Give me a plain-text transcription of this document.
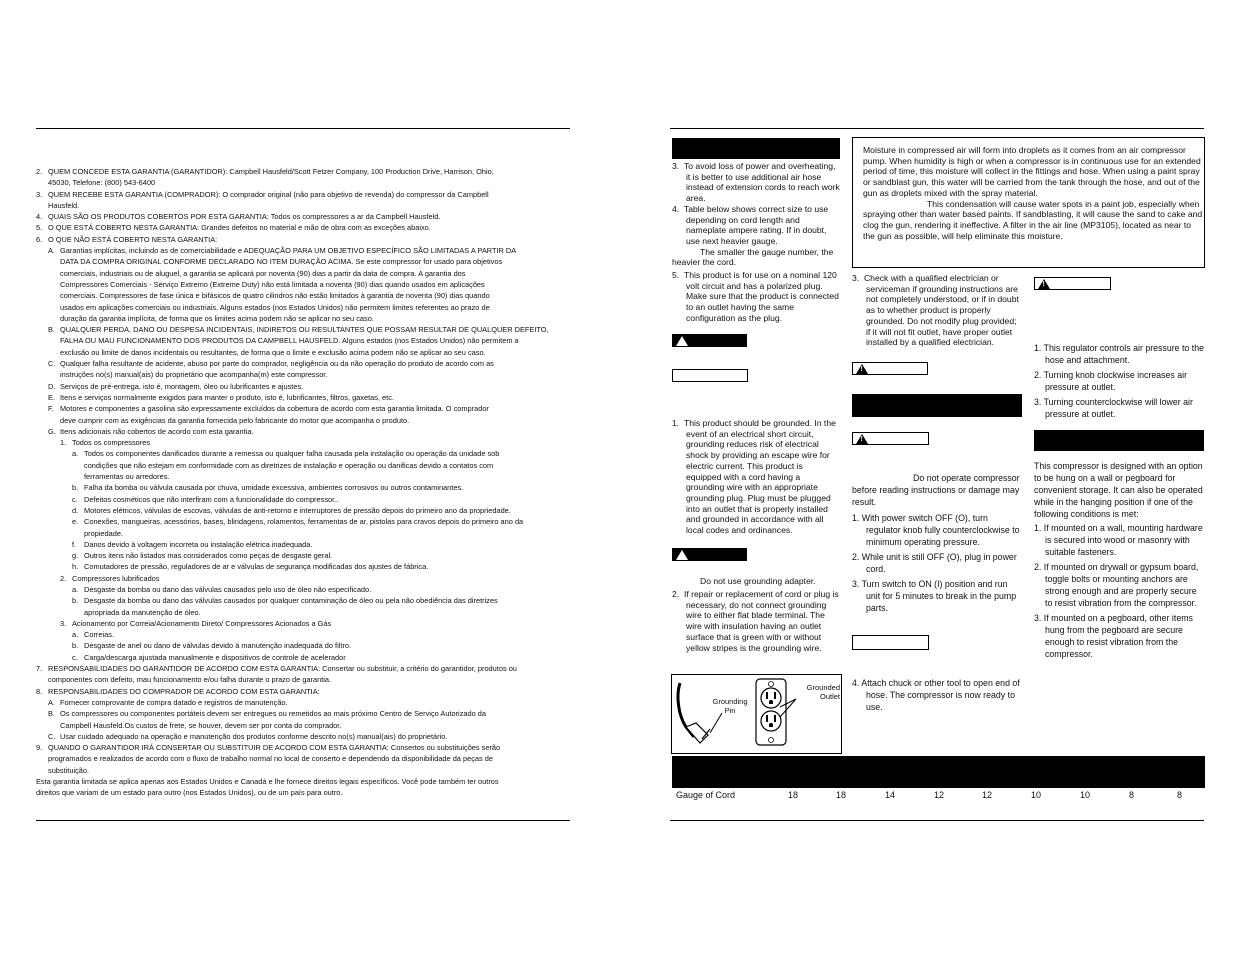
2. QUEM CONCEDE ESTA GARANTIA (GARANTIDOR): Campbell Hausfeld/Scott Fetzer Company, 100 Production Drive, Harrison, Ohio,

45030, Telefone: (800) 543-6400

3. QUEM RECEBE ESTA GARANTIA (COMPRADOR): O comprador original (não para objetivo de revenda) do compressor da Campbell

Hausfeld.

4. QUAIS SÃO OS PRODUTOS COBERTOS POR ESTA GARANTIA: Todos os compressores a ar da Campbell Hausfeld.

5. O QUE ESTÁ COBERTO NESTA GARANTIA: Grandes defeitos no material e mão de obra com as exceções abaixo.

6. O QUE NÃO ESTÁ COBERTO NESTA GARANTIA:

A. Garantias implícitas, incluindo as de comerciabilidade e ADEQUAÇÃO PARA UM OBJETIVO ESPECÍFICO SÃO LIMITADAS A PARTIR DA

DATA DA COMPRA ORIGINAL CONFORME DECLARADO NO ITEM DURAÇÃO ACIMA. Se este compressor for usado para objetivos

comerciais, industriais ou de aluguel, a garantia se aplicará por noventa (90) dias a partir da data de compra. A garantia dos

Compressores Comerciais - Serviço Extremo (Extreme Duty) não está limitada a noventa (90) dias quando usados em aplicações

comerciais. Compressores de fase única e bifásicos de quatro cilindros não estão limitados à garantia de noventa (90) dias quando

usados em aplicações comerciais ou industriais. Alguns estados (nos Estados Unidos) não permitem limites referentes ao prazo de

duração da garantia implícita, de forma que os limites acima podem não se aplicar no seu caso.

B. QUALQUER PERDA, DANO OU DESPESA INCIDENTAIS, INDIRETOS OU RESULTANTES QUE POSSAM RESULTAR DE QUALQUER DEFEITO,

FALHA OU MAU FUNCIONAMENTO DOS PRODUTOS DA CAMPBELL HAUSFELD. Alguns estados (nos Estados Unidos) não permitem a

exclusão ou limite de danos incidentais ou resultantes, de forma que o limite e exclusão acima podem não se aplicar ao seu caso.

C. Qualquer falha resultante de acidente, abuso por parte do comprador, negligência ou da não operação do produto de acordo com as

instruções no(s) manual(ais) do proprietário que acompanha(m) este compressor.

D. Serviços de pré-entrega, isto é, montagem, óleo ou lubrificantes e ajustes.

E. Itens e serviços normalmente exigidos para manter o produto, isto é, lubrificantes, filtros, gaxetas, etc.

F. Motores e componentes a gasolina são expressamente excluídos da cobertura de acordo com esta garantia limitada. O comprador

deve cumprir com as exigências da garantia fornecida pelo fabricante do motor que acompanha o produto.

G. Itens adicionais não cobertos de acordo com esta garantia.

1. Todos os compressores

a. Todos os componentes danificados durante a remessa ou qualquer falha causada pela instalação ou operação da unidade sob

condições que não estejam em conformidade com as diretrizes de instalação e operação ou danificas devido a contatos com

ferramentas ou arredores.

b. Falha da bomba ou válvula causada por chuva, umidade excessiva, ambientes corrosivos ou outros contaminantes.

c. Defeitos cosméticos que não interfiram com a funcionalidade do compressor..

d. Motores elétricos, válvulas de escovas, válvulas de anti-retorno e interruptores de pressão depois do primeiro ano da propriedade.

e. Conexões, mangueiras, acessórios, bases, blindagens, rolamentos, ferramentas de ar, pistolas para cravos depois do primeiro ano da

propiedade.

f. Danos devido à voltagem incorreta ou instalação elétrica inadequada.

g. Outros itens não listados mas considerados como peças de desgaste geral.

h. Comutadores de pressão, reguladores de ar e válvulas de segurança modificadas dos ajustes de fábrica.

2. Compressores lubrificados

a. Desgaste da bomba ou dano das válvulas causados pelo uso de óleo não especificado.

b. Desgaste da bomba ou dano das válvulas causados por qualquer contaminação de óleo ou pela não obediência das diretrizes

apropriada da manutenção de óleo.

3. Acionamento por Correia/Acionamento Direto/ Compressores Acionados a Gás

a. Correias.

b. Desgaste de anel ou dano de válvulas devido à manutenção inadequada do filtro.

c. Carga/descarga ajustada manualmente e dispositivos de controle de acelerador

7. RESPONSABILIDADES DO GARANTIDOR DE ACORDO COM ESTA GARANTIA: Consertar ou substituir, a critério do garantidor, produtos ou

componentes com defeito, mau funcionamento e/ou falha durante o prazo de garantia.

8. RESPONSABILIDADES DO COMPRADOR DE ACORDO COM ESTA GARANTIA:

A. Fornecer comprovante de compra datado e registros de manutenção.

B. Os compressores ou componentes portáteis devem ser entregues ou remetidos ao mais próximo Centro de Serviço Autorizado da

Campbell Hausfeld.Os custos de frete, se houver, devem ser por conta do comprador.

C. Usar cuidado adequado na operação e manutenção dos produtos conforme descrito no(s) manual(ais) do proprietário.

9. QUANDO O GARANTIDOR IRÁ CONSERTAR OU SUBSTITUIR DE ACORDO COM ESTA GARANTIA: Consertos ou substituições serão

programados e realizados de acordo com o fluxo de trabalho normal no local de conserto e dependendo da disponibilidade da peças de

substituição.

Esta garantia limitada se aplica apenas aos Estados Unidos e Canadá e lhe fornece direitos legais específicos. Você pode também ter outros

direitos que variam de um estado para outro (nos Estados Unidos), ou de um país para outro.

3.  To avoid loss of power and overheating, it is better to use additional air hose instead of extension cords to reach work area.

4.  Table below shows correct size to use depending on cord length and nameplate ampere rating. If in doubt, use next heavier gauge.

The smaller the gauge number, the heavier the cord.

5.  This product is for use on a nominal 120 volt circuit and has a polarized plug. Make sure that the product is connected to an outlet having the same configuration as the plug.

!

1.  This product should be grounded. In the event of an electrical short circuit, grounding reduces risk of electrical shock by providing an escape wire for electric current. This product is equipped with a cord having a grounding wire with an appropriate grounding plug. Plug must be plugged into an outlet that is properly installed and grounded in accordance with all local codes and ordinances.

!
Do not use grounding adapter.

2.  If repair or replacement of cord or plug is necessary, do not connect grounding wire to either flat blade terminal. The wire with insulation having an outlet surface that is green with or without yellow stripes is the grounding wire.

Grounding Pin
Grounded Outlet

Moisture in compressed air will form into droplets as it comes from an air compressor pump. When humidity is high or when a compressor is in continuous use for an extended period of time, this moisture will collect in the fittings and hose. When using a paint spray or sandblast gun, this water will be carried from the tank through the hose, and out of the gun as droplets mixed with the spray material.

This condensation will cause water spots in a paint job, especially when spraying other than water based paints. If sandblasting, it will cause the sand to cake and clog the gun, rendering it ineffective. A filter in the air line (MP3105), located as near to the gun as possible, will help eliminate this moisture.

3.  Check with a qualified electrician or serviceman if grounding instructions are not completely understood, or if in doubt as to whether product is properly grounded. Do not modify plug provided; if it will not fit outlet, have proper outlet installed by a qualified electrician.

!
!

Do not operate compressor before reading instructions or damage may result.

1. With power switch OFF (O), turn regulator knob fully counterclockwise to minimum operating pressure.

2. While unit is still OFF (O), plug in power cord.

3. Turn switch to ON (I) position and run unit for 5 minutes to break in the pump parts.

4. Attach chuck or other tool to open end of hose. The compressor is now ready to use.

!

1. This regulator controls air pressure to the hose and attachment.

2. Turning knob clockwise increases air pressure at outlet.

3. Turning counterclockwise will lower air pressure at outlet.

This compressor is designed with an option to be hung on a wall or pegboard for convenient storage. It can also be operated while in the hanging position if one of the following conditions is met:

1. If mounted on a wall, mounting hardware is secured into wood or masonry with suitable fasteners.

2. If mounted on drywall or gypsum board, toggle bolts or mounting anchors are strong enough and are properly secure to resist vibration from the compressor.

3. If mounted on a pegboard, other items hung from the pegboard are secure enough to resist vibration from the compressor.

Gauge of Cord	18	18	14	12	12	10	10	8	8
